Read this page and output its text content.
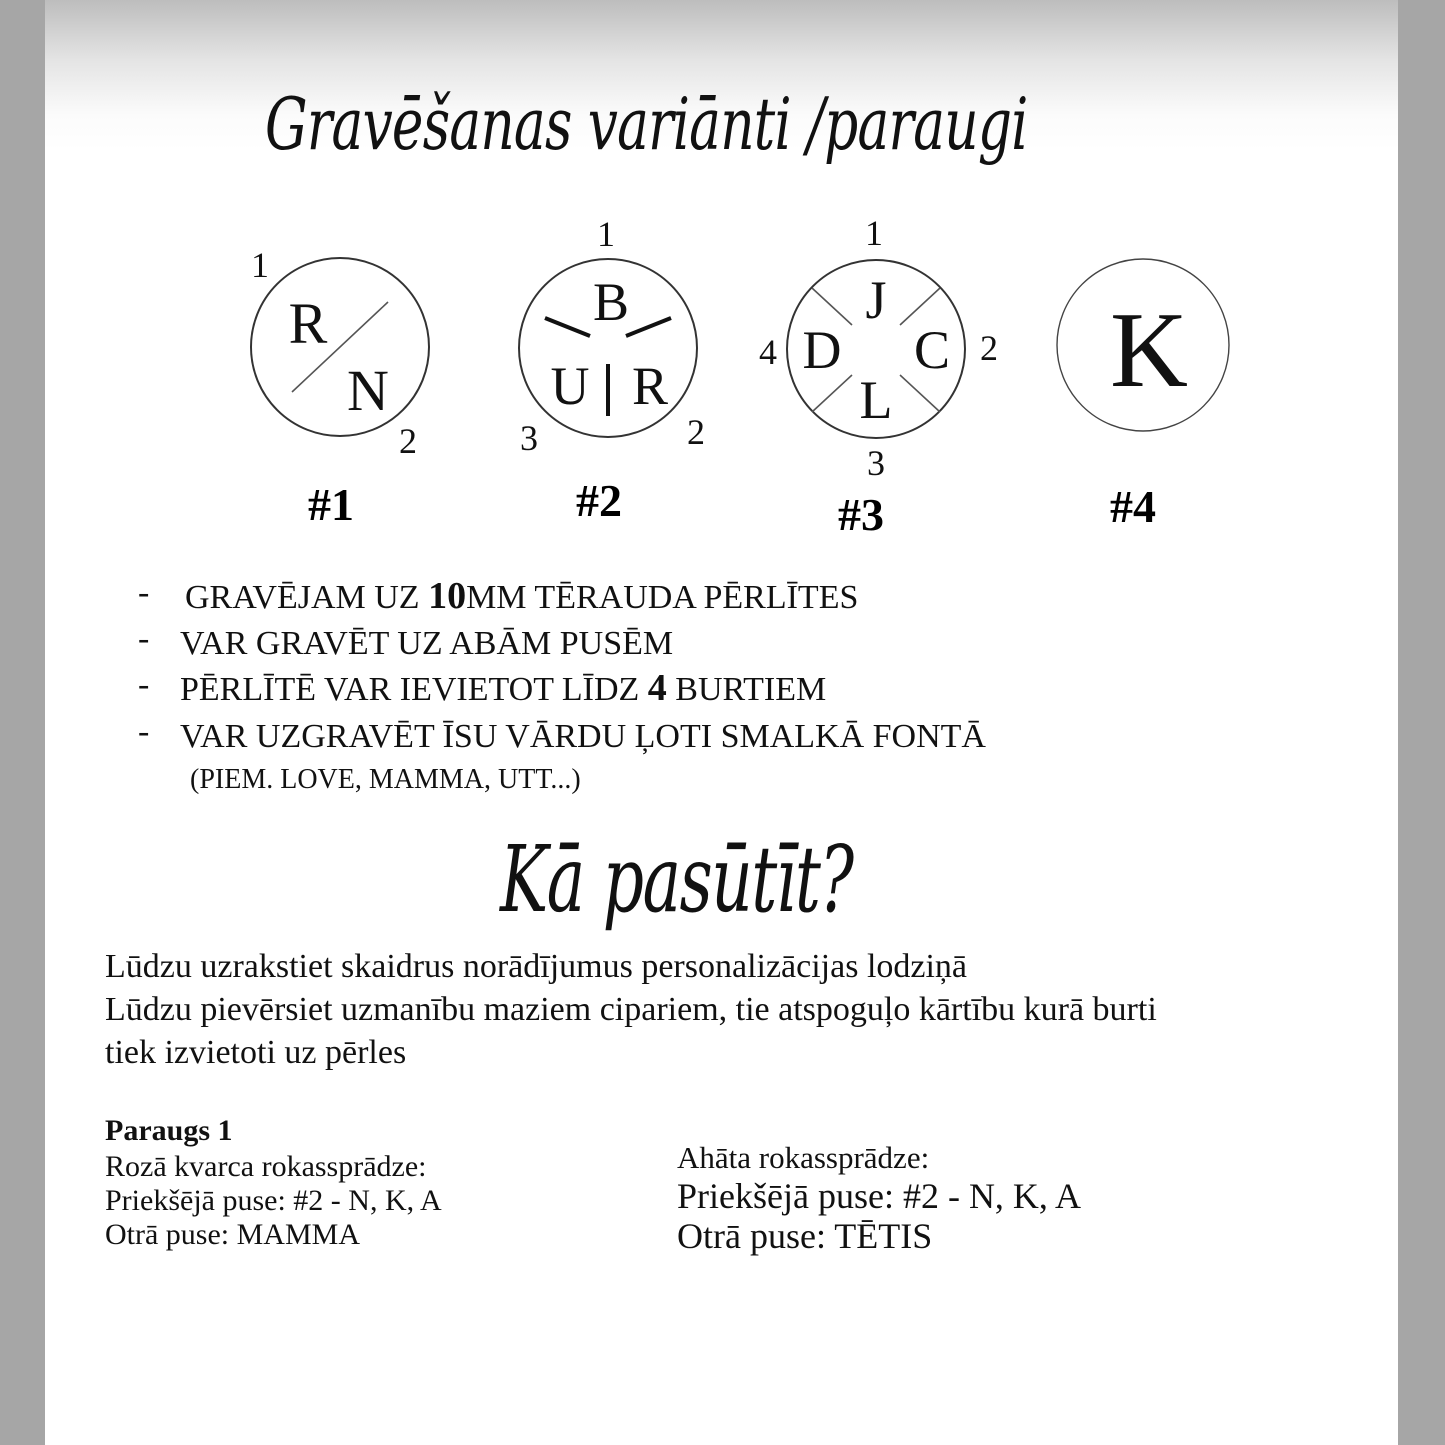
Gravēšanas variānti /paraugi
R
N
1
2
B
R
U
1
2
3
J
C
L
D
1
2
3
4	K
#1	#2	#3	#4
- GRAVĒJAM UZ 10MM TĒRAUDA PĒRLĪTES
- VAR GRAVĒT UZ ABĀM PUSĒM
- PĒRLĪTĒ VAR IEVIETOT LĪDZ 4 BURTIEM
- VAR UZGRAVĒT ĪSU VĀRDU ĻOTI SMALKĀ FONTĀ
(PIEM. LOVE, MAMMA, UTT...)
Kā pasūtīt?
Lūdzu uzrakstiet skaidrus norādījumus personalizācijas lodziņā
Lūdzu pievērsiet uzmanību maziem cipariem, tie atspoguļo kārtību kurā burti
tiek izvietoti uz pērles
Paraugs 1
Rozā kvarca rokassprādze:
Priekšējā puse: #2 - N, K, A
Otrā puse: MAMMA
Ahāta rokassprādze:
Priekšējā puse: #2 - N, K, A
Otrā puse: TĒTIS
